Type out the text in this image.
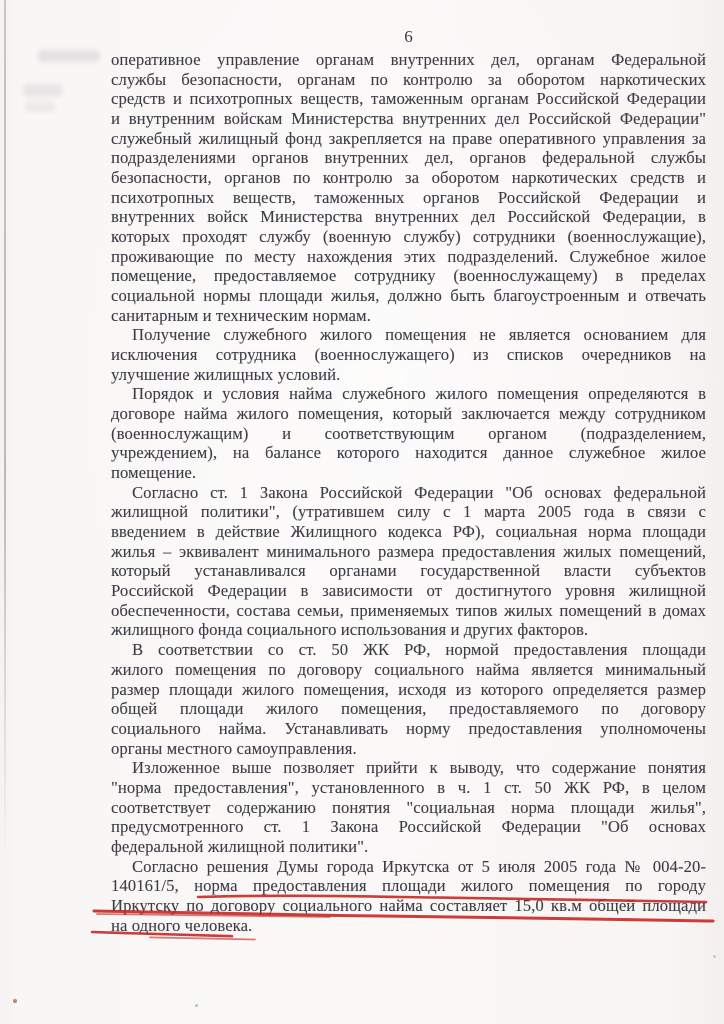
6
оперативное управление органам внутренних дел, органам Федеральной
службы безопасности, органам по контролю за оборотом наркотических
средств и психотропных веществ, таможенным органам Российской Федерации
и внутренним войскам Министерства внутренних дел Российской Федерации"
служебный жилищный фонд закрепляется на праве оперативного управления за
подразделениями органов внутренних дел, органов федеральной службы
безопасности, органов по контролю за оборотом наркотических средств и
психотропных веществ, таможенных органов Российской Федерации и
внутренних войск Министерства внутренних дел Российской Федерации, в
которых проходят службу (военную службу) сотрудники (военнослужащие),
проживающие по месту нахождения этих подразделений. Служебное жилое
помещение, предоставляемое сотруднику (военнослужащему) в пределах
социальной нормы площади жилья, должно быть благоустроенным и отвечать
санитарным и техническим нормам.
Получение служебного жилого помещения не является основанием для
исключения сотрудника (военнослужащего) из списков очередников на
улучшение жилищных условий.
Порядок и условия найма служебного жилого помещения определяются в
договоре найма жилого помещения, который заключается между сотрудником
(военнослужащим) и соответствующим органом (подразделением,
учреждением), на балансе которого находится данное служебное жилое
помещение.
Согласно ст. 1 Закона Российской Федерации "Об основах федеральной
жилищной политики", (утратившем силу с 1 марта 2005 года в связи с
введением в действие Жилищного кодекса РФ), социальная норма площади
жилья – эквивалент минимального размера предоставления жилых помещений,
который устанавливался органами государственной власти субъектов
Российской Федерации в зависимости от достигнутого уровня жилищной
обеспеченности, состава семьи, применяемых типов жилых помещений в домах
жилищного фонда социального использования и других факторов.
В соответствии со ст. 50 ЖК РФ, нормой предоставления площади
жилого помещения по договору социального найма является минимальный
размер площади жилого помещения, исходя из которого определяется размер
общей площади жилого помещения, предоставляемого по договору
социального найма. Устанавливать норму предоставления уполномочены
органы местного самоуправления.
Изложенное выше позволяет прийти к выводу, что содержание понятия
"норма предоставления", установленного в ч. 1 ст. 50 ЖК РФ, в целом
соответствует содержанию понятия "социальная норма площади жилья",
предусмотренного ст. 1 Закона Российской Федерации "Об основах
федеральной жилищной политики".
Согласно решения Думы города Иркутска от 5 июля 2005 года № 004-20-
140161/5, норма предоставления площади жилого помещения по городу
Иркутску по договору социального найма составляет 15,0 кв.м общей площади
на одного человека.
